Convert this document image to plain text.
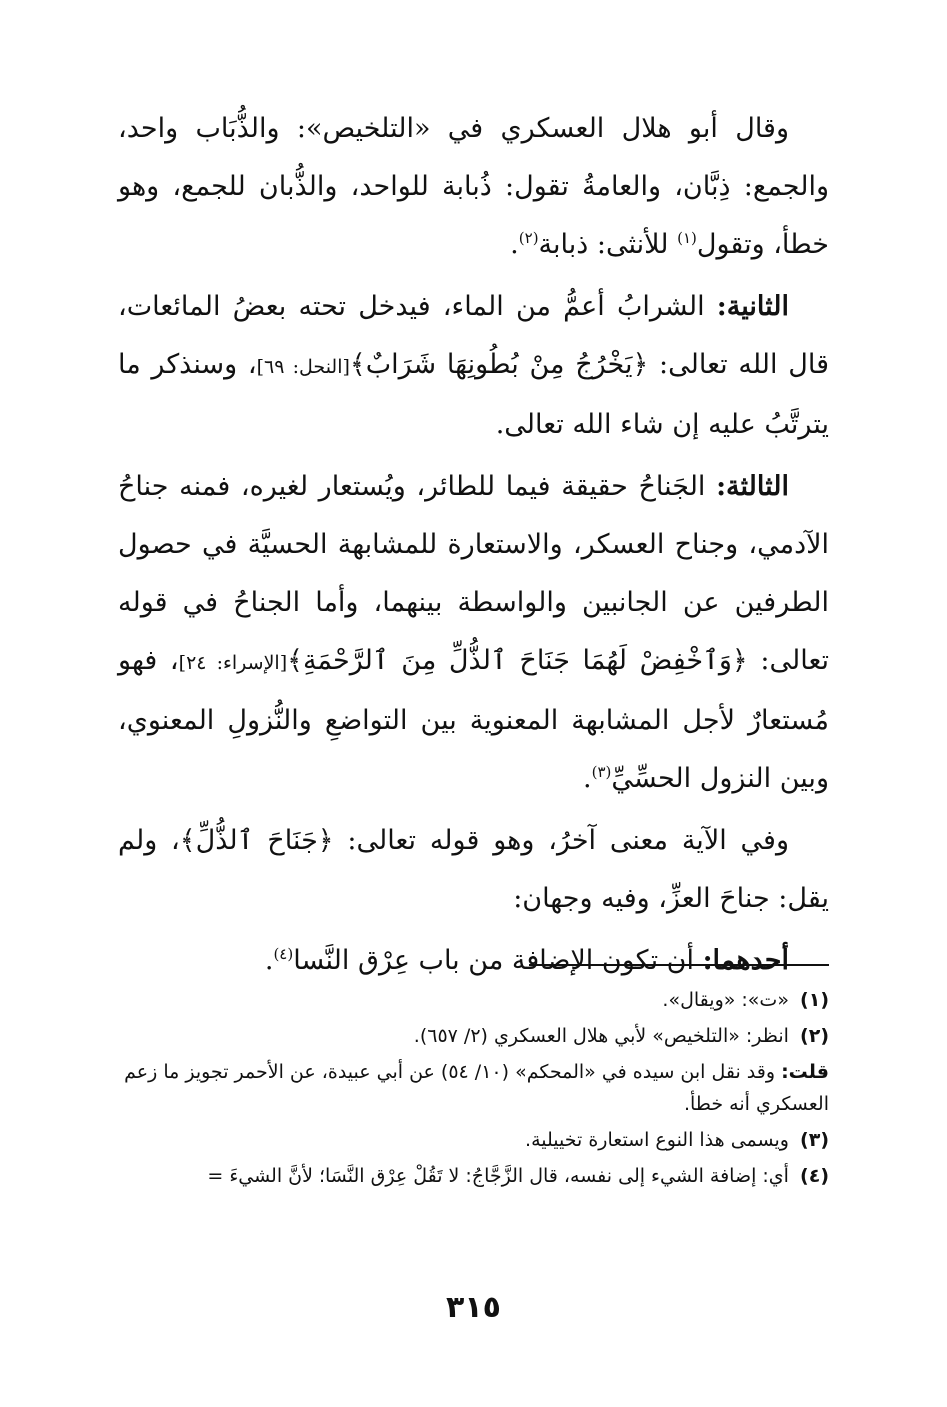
وقال أبو هلال العسكري في «التلخيص»: والذُّبَاب واحد، والجمع: ذِبَّان، والعامةُ تقول: ذُبابة للواحد، والذُّبان للجمع، وهو خطأ، وتقول$^{(١)}$ للأنثى: ذبابة$^{(٢)}$.

الثانية: الشرابُ أعمُّ من الماء، فيدخل تحته بعضُ المائعات، قال الله تعالى: ﴿يَخْرُجُ مِنْ بُطُونِهَا شَرَابٌ﴾[النحل: ٦٩]، وسنذكر ما يترتَّبُ عليه إن شاء الله تعالى.

الثالثة: الجَناحُ حقيقة فيما للطائر، ويُستعار لغيره، فمنه جناحُ الآدمي، وجناح العسكر، والاستعارة للمشابهة الحسيَّة في حصول الطرفين عن الجانبين والواسطة بينهما، وأما الجناحُ في قوله تعالى: ﴿وَٱخْفِضْ لَهُمَا جَنَاحَ ٱلذُّلِّ مِنَ ٱلرَّحْمَةِ﴾[الإسراء: ٢٤]، فهو مُستعارٌ لأجل المشابهة المعنوية بين التواضعِ والنُّزولِ المعنوي، وبين النزول الحسِّيِّ$^{(٣)}$.

وفي الآية معنى آخرُ، وهو قوله تعالى: ﴿جَنَاحَ ٱلذُّلِّ﴾، ولم يقل: جناحَ العزِّ، وفيه وجهان:

أحدهما: أن تكون الإضافة من باب عِرْق النَّسا$^{(٤)}$.

(١) «ت»: «ويقال».

(٢) انظر: «التلخيص» لأبي هلال العسكري (٢/ ٦٥٧).

قلت: وقد نقل ابن سيده في «المحكم» (١٠/ ٥٤) عن أبي عبيدة، عن الأحمر تجويز ما زعم العسكري أنه خطأ.

(٣) ويسمى هذا النوع استعارة تخييلية.

(٤) أي: إضافة الشيء إلى نفسه، قال الزَّجَّاجُ: لا تَقُلْ عِرْق النَّسَا؛ لأنَّ الشيءَ =

٣١٥
